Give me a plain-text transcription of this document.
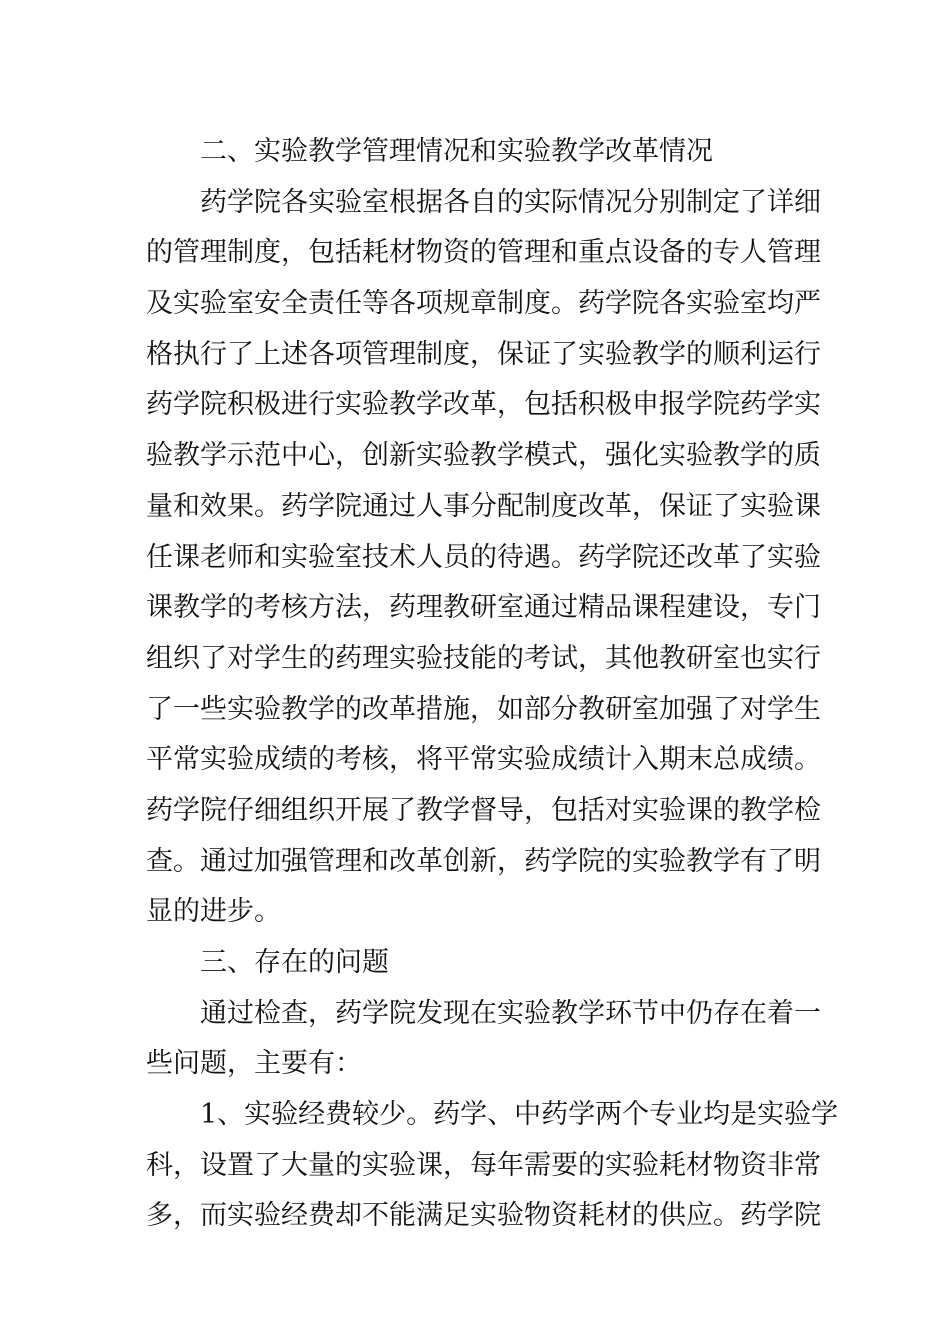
二、实验教学管理情况和实验教学改革情况
药学院各实验室根据各自的实际情况分别制定了详细
的管理制度，包括耗材物资的管理和重点设备的专人管理
及实验室安全责任等各项规章制度。药学院各实验室均严
格执行了上述各项管理制度，保证了实验教学的顺利运行
药学院积极进行实验教学改革，包括积极申报学院药学实
验教学示范中心，创新实验教学模式，强化实验教学的质
量和效果。药学院通过人事分配制度改革，保证了实验课
任课老师和实验室技术人员的待遇。药学院还改革了实验
课教学的考核方法，药理教研室通过精品课程建设，专门
组织了对学生的药理实验技能的考试，其他教研室也实行
了一些实验教学的改革措施，如部分教研室加强了对学生
平常实验成绩的考核，将平常实验成绩计入期末总成绩。
药学院仔细组织开展了教学督导，包括对实验课的教学检
查。通过加强管理和改革创新，药学院的实验教学有了明
显的进步。
三、存在的问题
通过检查，药学院发现在实验教学环节中仍存在着一
些问题，主要有：
1、实验经费较少。药学、中药学两个专业均是实验学
科，设置了大量的实验课，每年需要的实验耗材物资非常
多，而实验经费却不能满足实验物资耗材的供应。药学院
